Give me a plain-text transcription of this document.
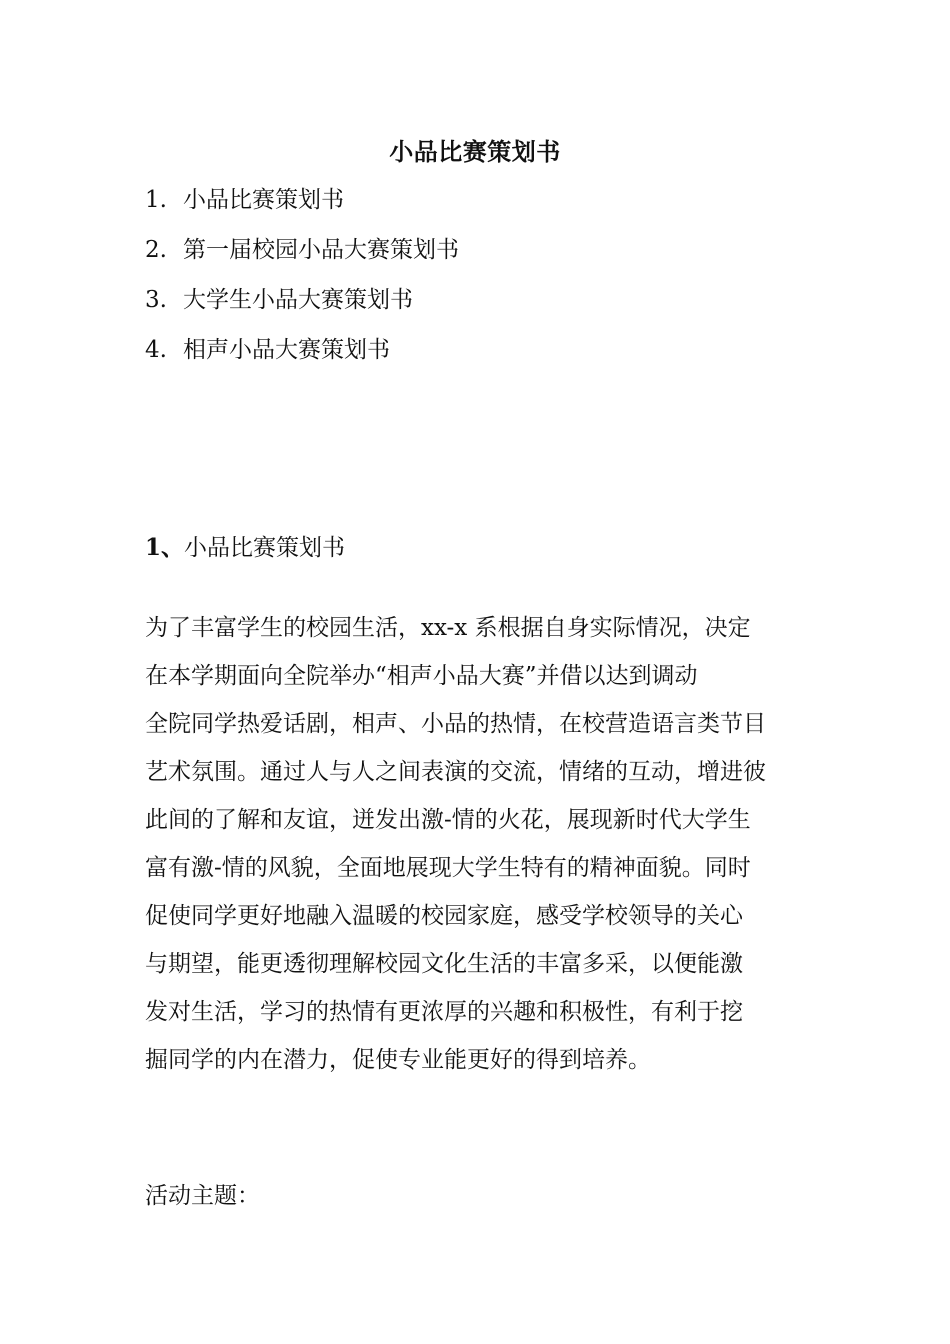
小品比赛策划书
1. 小品比赛策划书
2. 第一届校园小品大赛策划书
3. 大学生小品大赛策划书
4. 相声小品大赛策划书
1、小品比赛策划书

为了丰富学生的校园生活，xx-x 系根据自身实际情况，决定
在本学期面向全院举办“相声小品大赛”并借以达到调动
全院同学热爱话剧，相声、小品的热情，在校营造语言类节目
艺术氛围。通过人与人之间表演的交流，情绪的互动，增进彼
此间的了解和友谊，迸发出激-情的火花，展现新时代大学生
富有激-情的风貌，全面地展现大学生特有的精神面貌。同时
促使同学更好地融入温暖的校园家庭，感受学校领导的关心
与期望，能更透彻理解校园文化生活的丰富多采，以便能激
发对生活，学习的热情有更浓厚的兴趣和积极性，有利于挖
掘同学的内在潜力，促使专业能更好的得到培养。

活动主题：
